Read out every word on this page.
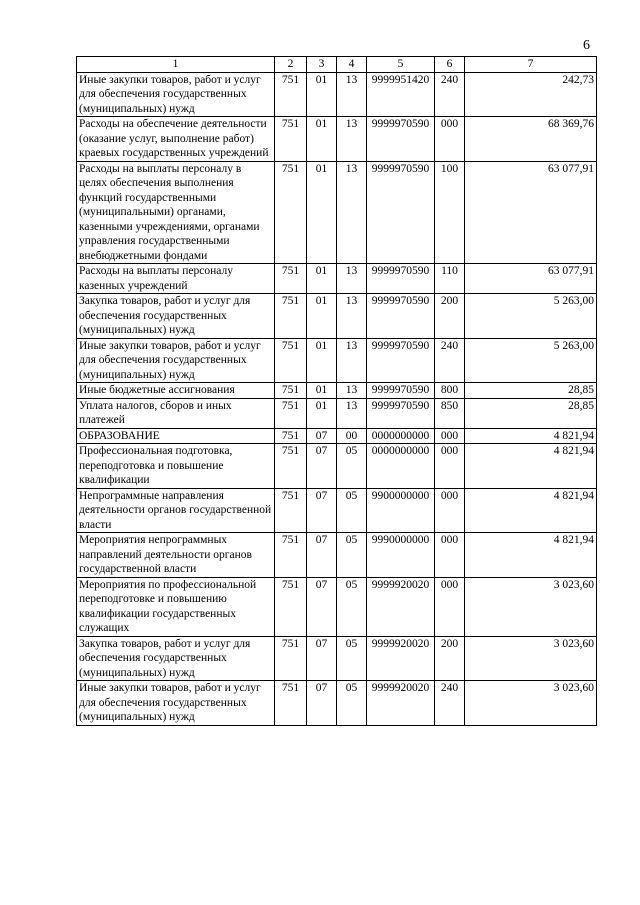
6
1	2	3	4	5	6	7
Иные закупки товаров, работ и услуг для обеспечения государственных (муниципальных) нужд	751	01	13	9999951420	240	242,73
Расходы на обеспечение деятельности (оказание услуг, выполнение работ) краевых государственных учреждений	751	01	13	9999970590	000	68 369,76
Расходы на выплаты персоналу в целях обеспечения выполнения функций государственными (муниципальными) органами, казенными учреждениями, органами управления государственными внебюджетными фондами	751	01	13	9999970590	100	63 077,91
Расходы на выплаты персоналу казенных учреждений	751	01	13	9999970590	110	63 077,91
Закупка товаров, работ и услуг для обеспечения государственных (муниципальных) нужд	751	01	13	9999970590	200	5 263,00
Иные закупки товаров, работ и услуг для обеспечения государственных (муниципальных) нужд	751	01	13	9999970590	240	5 263,00
Иные бюджетные ассигнования	751	01	13	9999970590	800	28,85
Уплата налогов, сборов и иных платежей	751	01	13	9999970590	850	28,85
ОБРАЗОВАНИЕ	751	07	00	0000000000	000	4 821,94
Профессиональная подготовка, переподготовка и повышение квалификации	751	07	05	0000000000	000	4 821,94
Непрограммные направления деятельности органов государственной власти	751	07	05	9900000000	000	4 821,94
Мероприятия непрограммных направлений деятельности органов государственной власти	751	07	05	9990000000	000	4 821,94
Мероприятия по профессиональной переподготовке и повышению квалификации государственных служащих	751	07	05	9999920020	000	3 023,60
Закупка товаров, работ и услуг для обеспечения государственных (муниципальных) нужд	751	07	05	9999920020	200	3 023,60
Иные закупки товаров, работ и услуг для обеспечения государственных (муниципальных) нужд	751	07	05	9999920020	240	3 023,60
